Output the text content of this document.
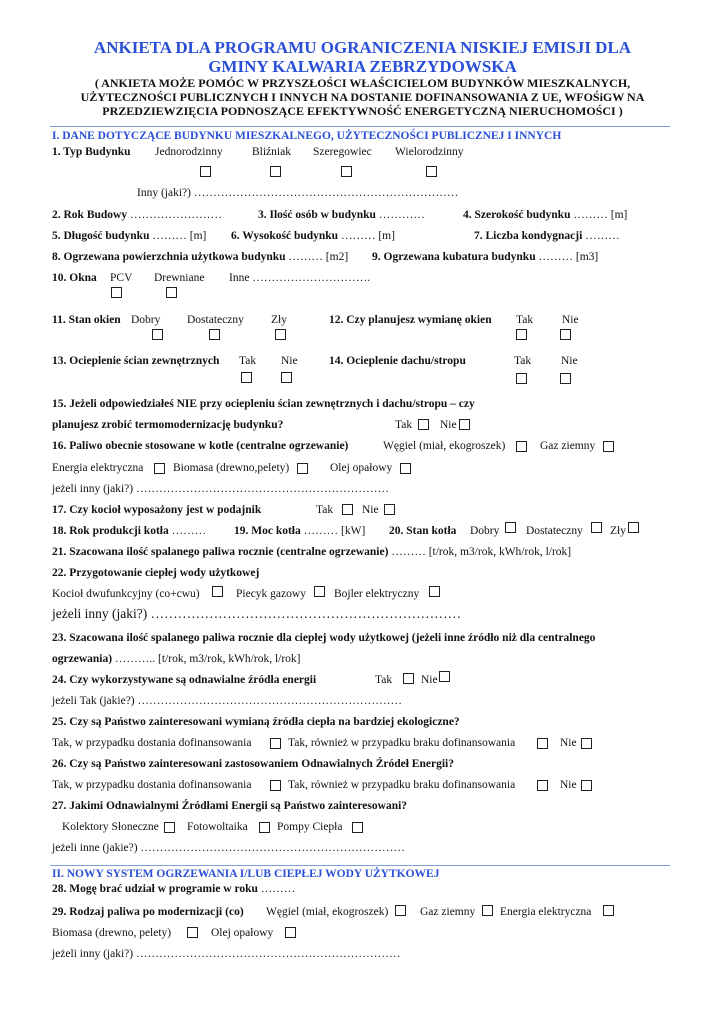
ANKIETA DLA PROGRAMU OGRANICZENIA NISKIEJ EMISJI DLA
GMINY KALWARIA ZEBRZYDOWSKA
( ANKIETA MOŻE POMÓC W PRZYSZŁOŚCI WŁAŚCICIELOM BUDYNKÓW MIESZKALNYCH,
UŻYTECZNOŚCI PUBLICZNYCH I INNYCH NA DOSTANIE DOFINANSOWANIA Z UE, WFOŚiGW NA
PRZEDZIEWZIĘCIA PODNOSZĄCE EFEKTYWNOŚĆ ENERGETYCZNĄ NIERUCHOMOŚCI )
I. DANE DOTYCZĄCE BUDYNKU MIESZKALNEGO, UŻYTECZNOŚCI PUBLICZNEJ I INNYCH
1. Typ Budynku Jednorodzinny	Bliźniak Szeregowiec Wielorodzinny
Inny (jaki?) ……………………………………………………………
2. Rok Budowy ……………………	3. Ilość osób w budynku …………	4. Szerokość budynku ……… [m]
5. Długość budynku ……… [m] 6. Wysokość budynku ……… [m]	7. Liczba kondygnacji ………
8. Ogrzewana powierzchnia użytkowa budynku ……… [m2] 9. Ogrzewana kubatura budynku ……… [m3]
10. Okna PCV Drewniane Inne ………………………….
11. Stan okien Dobry Dostateczny Zły	12. Czy planujesz wymianę okien Tak	Nie
13. Ocieplenie ścian zewnętrznych Tak Nie	14. Ocieplenie dachu/stropu	Tak	Nie
15. Jeżeli odpowiedziałeś NIE przy ociepleniu ścian zewnętrznych i dachu/stropu – czy
planujesz zrobić termomodernizację budynku?	Tak Nie
16. Paliwo obecnie stosowane w kotle (centralne ogrzewanie)	Węgiel (miał, ekogroszek)	Gaz ziemny
Energia elektryczna	Biomasa (drewno,pelety)	Olej opałowy
jeżeli inny (jaki?) …………………………………………………………
17. Czy kocioł wyposażony jest w podajnik	Tak	Nie
18. Rok produkcji kotła ……… 19. Moc kotła ……… [kW] 20. Stan kotła Dobry Dostateczny Zły
21. Szacowana ilość spalanego paliwa rocznie (centralne ogrzewanie) ……… [t/rok, m3/rok, kWh/rok, l/rok]
22. Przygotowanie ciepłej wody użytkowej
Kocioł dwufunkcyjny (co+cwu)	Piecyk gazowy Bojler elektryczny
jeżeli inny (jaki?) ……………………………………………………………
23. Szacowana ilość spalanego paliwa rocznie dla ciepłej wody użytkowej (jeżeli inne źródło niż dla centralnego
ogrzewania) ……….. [t/rok, m3/rok, kWh/rok, l/rok]
24. Czy wykorzystywane są odnawialne źródła energii	Tak	Nie
jeżeli Tak (jakie?) ……………………………………………………………
25. Czy są Państwo zainteresowani wymianą źródła ciepła na bardziej ekologiczne?
Tak, w przypadku dostania dofinansowania	Tak, również w przypadku braku dofinansowania	Nie
26. Czy są Państwo zainteresowani zastosowaniem Odnawialnych Źródeł Energii?
Tak, w przypadku dostania dofinansowania	Tak, również w przypadku braku dofinansowania	Nie
27. Jakimi Odnawialnymi Źródłami Energii są Państwo zainteresowani?
Kolektory Słoneczne Fotowoltaika	Pompy Ciepła
jeżeli inne (jakie?) ……………………………………………………………
II. NOWY SYSTEM OGRZEWANIA I/LUB CIEPŁEJ WODY UŻYTKOWEJ
28. Mogę brać udział w programie w roku ………
29. Rodzaj paliwa po modernizacji (co) Węgiel (miał, ekogroszek)	Gaz ziemny Energia elektryczna
Biomasa (drewno, pelety)	Olej opałowy
jeżeli inny (jaki?) ……………………………………………………………
